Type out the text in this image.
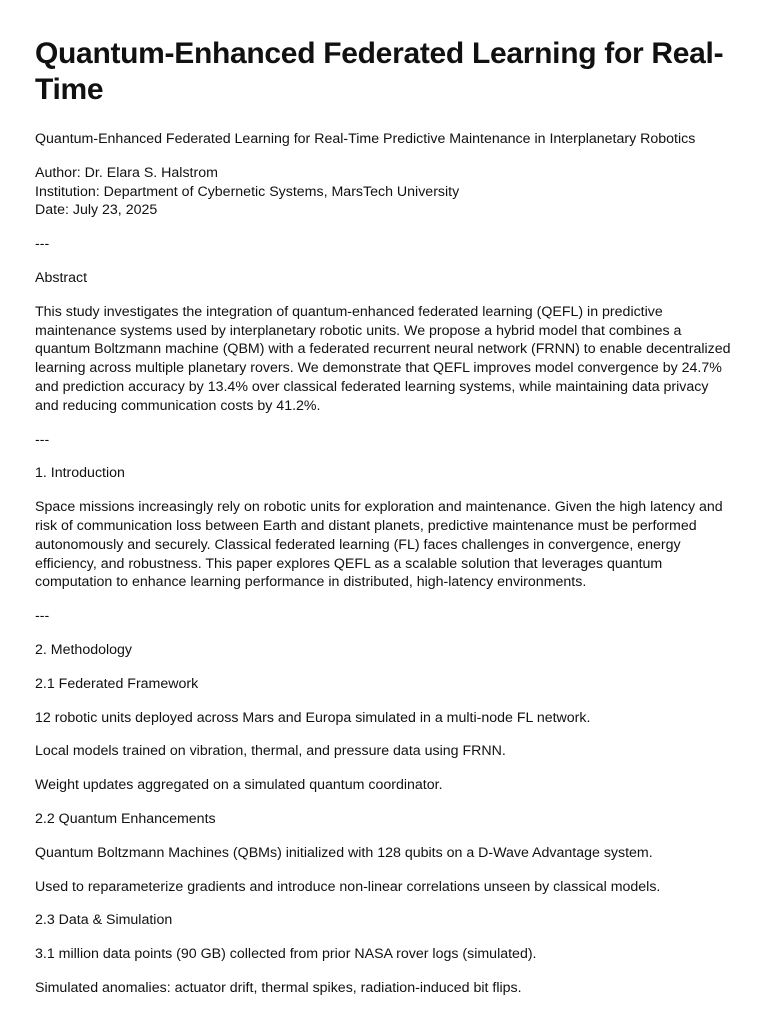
Quantum-Enhanced Federated Learning for Real-Time

Quantum-Enhanced Federated Learning for Real-Time Predictive Maintenance in Interplanetary Robotics

Author: Dr. Elara S. Halstrom

Institution: Department of Cybernetic Systems, MarsTech University

Date: July 23, 2025

---

Abstract

This study investigates the integration of quantum-enhanced federated learning (QEFL) in predictive maintenance systems used by interplanetary robotic units. We propose a hybrid model that combines a quantum Boltzmann machine (QBM) with a federated recurrent neural network (FRNN) to enable decentralized learning across multiple planetary rovers. We demonstrate that QEFL improves model convergence by 24.7% and prediction accuracy by 13.4% over classical federated learning systems, while maintaining data privacy and reducing communication costs by 41.2%.

---

1. Introduction

Space missions increasingly rely on robotic units for exploration and maintenance. Given the high latency and risk of communication loss between Earth and distant planets, predictive maintenance must be performed autonomously and securely. Classical federated learning (FL) faces challenges in convergence, energy efficiency, and robustness. This paper explores QEFL as a scalable solution that leverages quantum computation to enhance learning performance in distributed, high-latency environments.

---

2. Methodology

2.1 Federated Framework

12 robotic units deployed across Mars and Europa simulated in a multi-node FL network.

Local models trained on vibration, thermal, and pressure data using FRNN.

Weight updates aggregated on a simulated quantum coordinator.

2.2 Quantum Enhancements

Quantum Boltzmann Machines (QBMs) initialized with 128 qubits on a D-Wave Advantage system.

Used to reparameterize gradients and introduce non-linear correlations unseen by classical models.

2.3 Data & Simulation

3.1 million data points (90 GB) collected from prior NASA rover logs (simulated).

Simulated anomalies: actuator drift, thermal spikes, radiation-induced bit flips.
